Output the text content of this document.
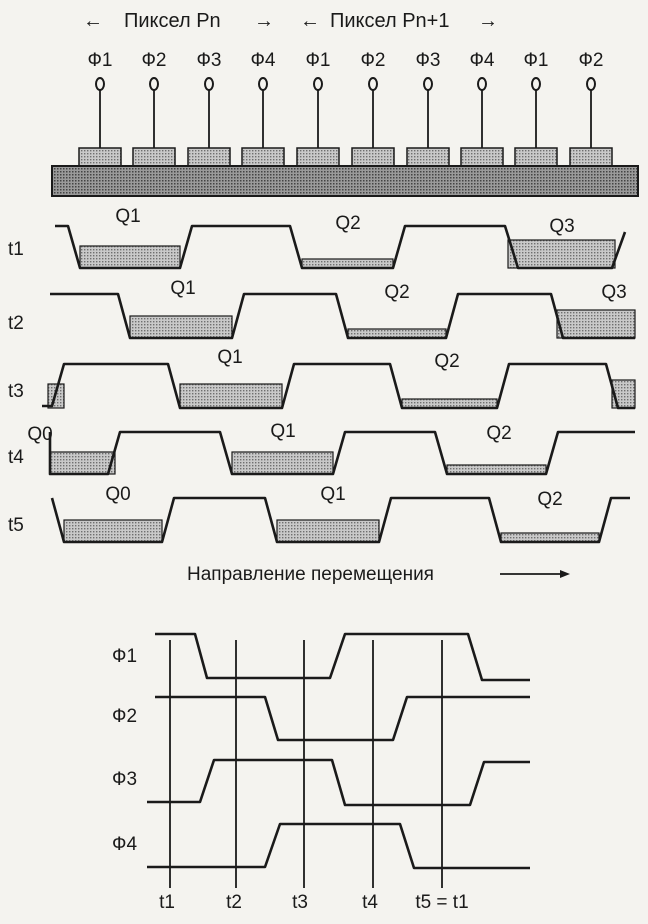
← Пиксел Pn → ← Пиксел Pn+1 →
Ф1 Ф2 Ф3 Ф4 Ф1 Ф2 Ф3 Ф4 Ф1 Ф2
t1
Q1	Q2	Q3
t2
Q1	Q2	Q3
t3
Q1	Q2
t4
Q0	Q1	Q2
t5
Q0	Q1	Q2
Направление перемещения
Ф1
Ф2
Ф3
Ф4
t1	t2	t3	t4 t5 = t1
